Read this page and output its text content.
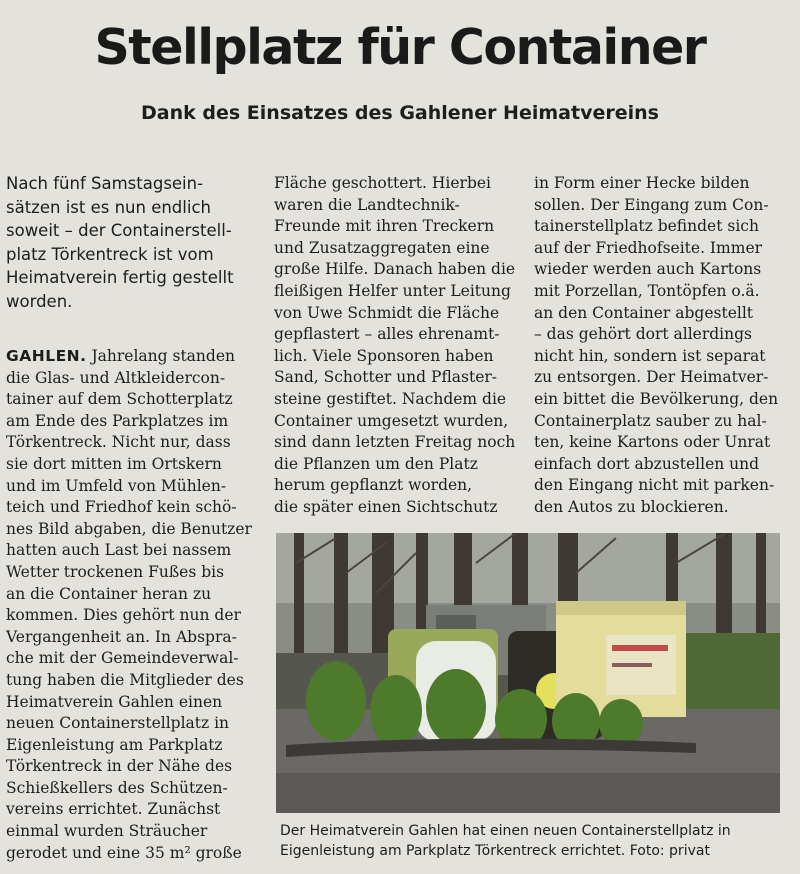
Stellplatz für Container
Dank des Einsatzes des Gahlener Heimatvereins
Nach fünf Samstagsein-
sätzen ist es nun endlich
soweit – der Containerstell-
platz Törkentreck ist vom
Heimatverein fertig gestellt
worden.
GAHLEN. Jahrelang standen
die Glas- und Altkleidercon-
tainer auf dem Schotterplatz
am Ende des Parkplatzes im
Törkentreck. Nicht nur, dass
sie dort mitten im Ortskern
und im Umfeld von Mühlen-
teich und Friedhof kein schö-
nes Bild abgaben, die Benutzer
hatten auch Last bei nassem
Wetter trockenen Fußes bis
an die Container heran zu
kommen. Dies gehört nun der
Vergangenheit an. In Abspra-
che mit der Gemeindeverwal-
tung haben die Mitglieder des
Heimatverein Gahlen einen
neuen Containerstellplatz in
Eigenleistung am Parkplatz
Törkentreck in der Nähe des
Schießkellers des Schützen-
vereins errichtet. Zunächst
einmal wurden Sträucher
gerodet und eine 35 m² große
Fläche geschottert. Hierbei
waren die Landtechnik-
Freunde mit ihren Treckern
und Zusatzaggregaten eine
große Hilfe. Danach haben die
fleißigen Helfer unter Leitung
von Uwe Schmidt die Fläche
gepflastert – alles ehrenamt-
lich. Viele Sponsoren haben
Sand, Schotter und Pflaster-
steine gestiftet. Nachdem die
Container umgesetzt wurden,
sind dann letzten Freitag noch
die Pflanzen um den Platz
herum gepflanzt worden,
die später einen Sichtschutz
in Form einer Hecke bilden
sollen. Der Eingang zum Con-
tainerstellplatz befindet sich
auf der Friedhofseite. Immer
wieder werden auch Kartons
mit Porzellan, Tontöpfen o.ä.
an den Container abgestellt
– das gehört dort allerdings
nicht hin, sondern ist separat
zu entsorgen. Der Heimatver-
ein bittet die Bevölkerung, den
Containerplatz sauber zu hal-
ten, keine Kartons oder Unrat
einfach dort abzustellen und
den Eingang nicht mit parken-
den Autos zu blockieren.
Der Heimatverein Gahlen hat einen neuen Containerstellplatz in
Eigenleistung am Parkplatz Törkentreck errichtet. Foto: privat
